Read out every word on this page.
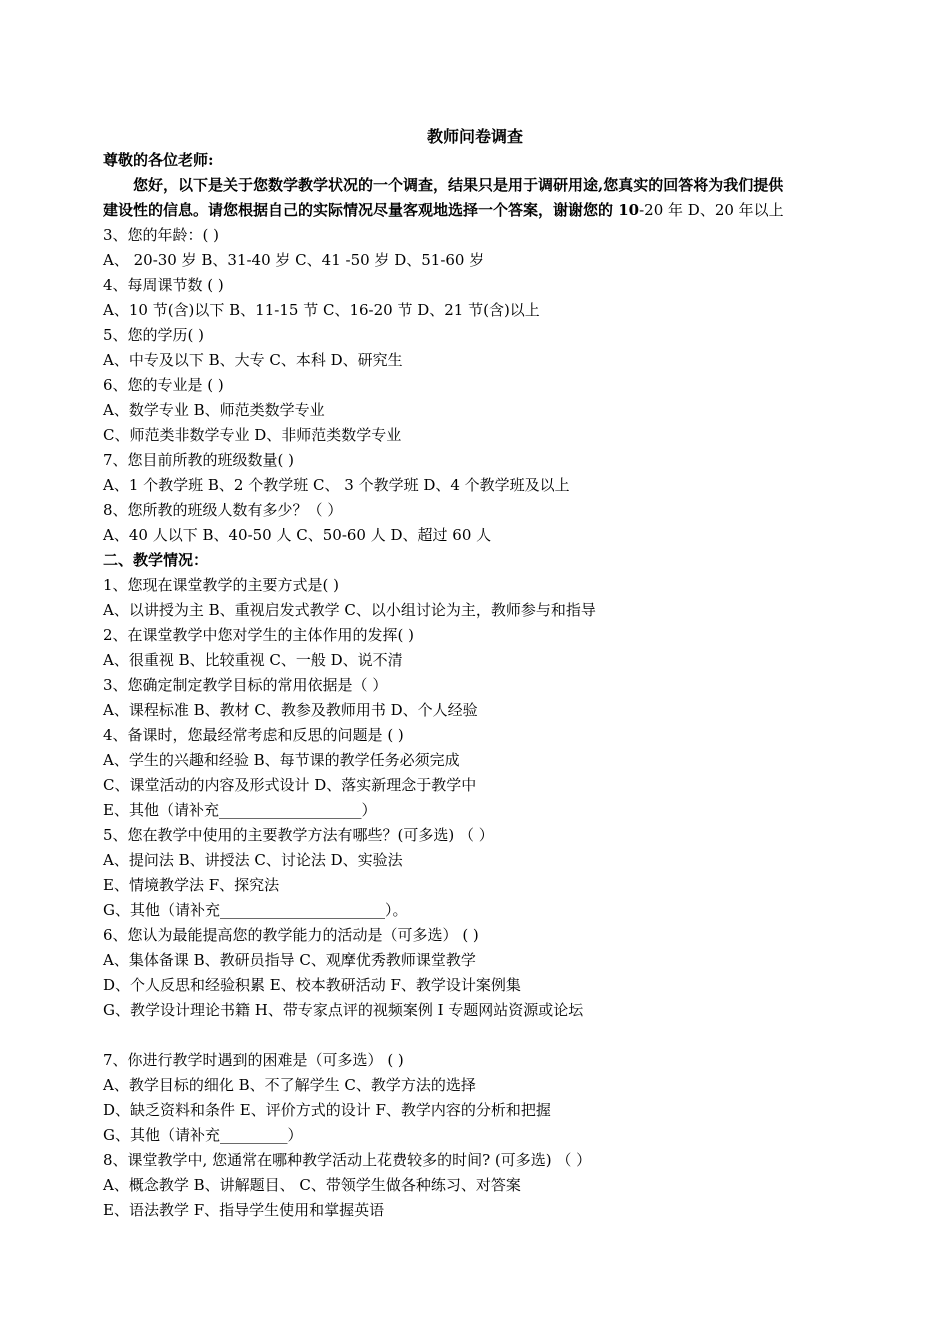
教师问卷调查
尊敬的各位老师:
您好，以下是关于您数学教学状况的一个调查，结果只是用于调研用途,您真实的回答将为我们提供
建设性的信息。请您根据自己的实际情况尽量客观地选择一个答案，谢谢您的 10-20 年 D、20 年以上
3、您的年龄：( )
A、 20-30 岁 B、31-40 岁 C、41 -50 岁 D、51-60 岁
4、每周课节数 ( )
A、10 节(含)以下 B、11-15 节 C、16-20 节 D、21 节(含)以上
5、您的学历( )
A、中专及以下 B、大专 C、本科 D、研究生
6、您的专业是 ( )
A、数学专业 B、师范类数学专业
C、师范类非数学专业 D、非师范类数学专业
7、您目前所教的班级数量( )
A、1 个教学班 B、2 个教学班 C、 3 个教学班 D、4 个教学班及以上
8、您所教的班级人数有多少？（ ）
A、40 人以下 B、40-50 人 C、50-60 人 D、超过 60 人
二、教学情况：
1、您现在课堂教学的主要方式是( )
A、以讲授为主 B、重视启发式教学 C、以小组讨论为主，教师参与和指导
2、在课堂教学中您对学生的主体作用的发挥( )
A、很重视 B、比较重视 C、一般 D、说不清
3、您确定制定教学目标的常用依据是（ ）
A、课程标准 B、教材 C、教参及教师用书 D、个人经验
4、备课时，您最经常考虑和反思的问题是 ( )
A、学生的兴趣和经验 B、每节课的教学任务必须完成
C、课堂活动的内容及形式设计 D、落实新理念于教学中
E、其他（请补充___________________）
5、您在教学中使用的主要教学方法有哪些？(可多选) （ ）
A、提问法 B、讲授法 C、讨论法 D、实验法
E、情境教学法 F、探究法
G、其他（请补充______________________）。
6、您认为最能提高您的教学能力的活动是（可多选） ( )
A、集体备课 B、教研员指导 C、观摩优秀教师课堂教学
D、个人反思和经验积累 E、校本教研活动 F、教学设计案例集
G、教学设计理论书籍 H、带专家点评的视频案例 I 专题网站资源或论坛
7、你进行教学时遇到的困难是（可多选） ( )
A、教学目标的细化 B、不了解学生 C、教学方法的选择
D、缺乏资料和条件 E、评价方式的设计 F、教学内容的分析和把握
G、其他（请补充_________）
8、课堂教学中, 您通常在哪种教学活动上花费较多的时间? (可多选) （ ）
A、概念教学 B、讲解题目、 C、带领学生做各种练习、对答案
E、语法教学 F、指导学生使用和掌握英语
